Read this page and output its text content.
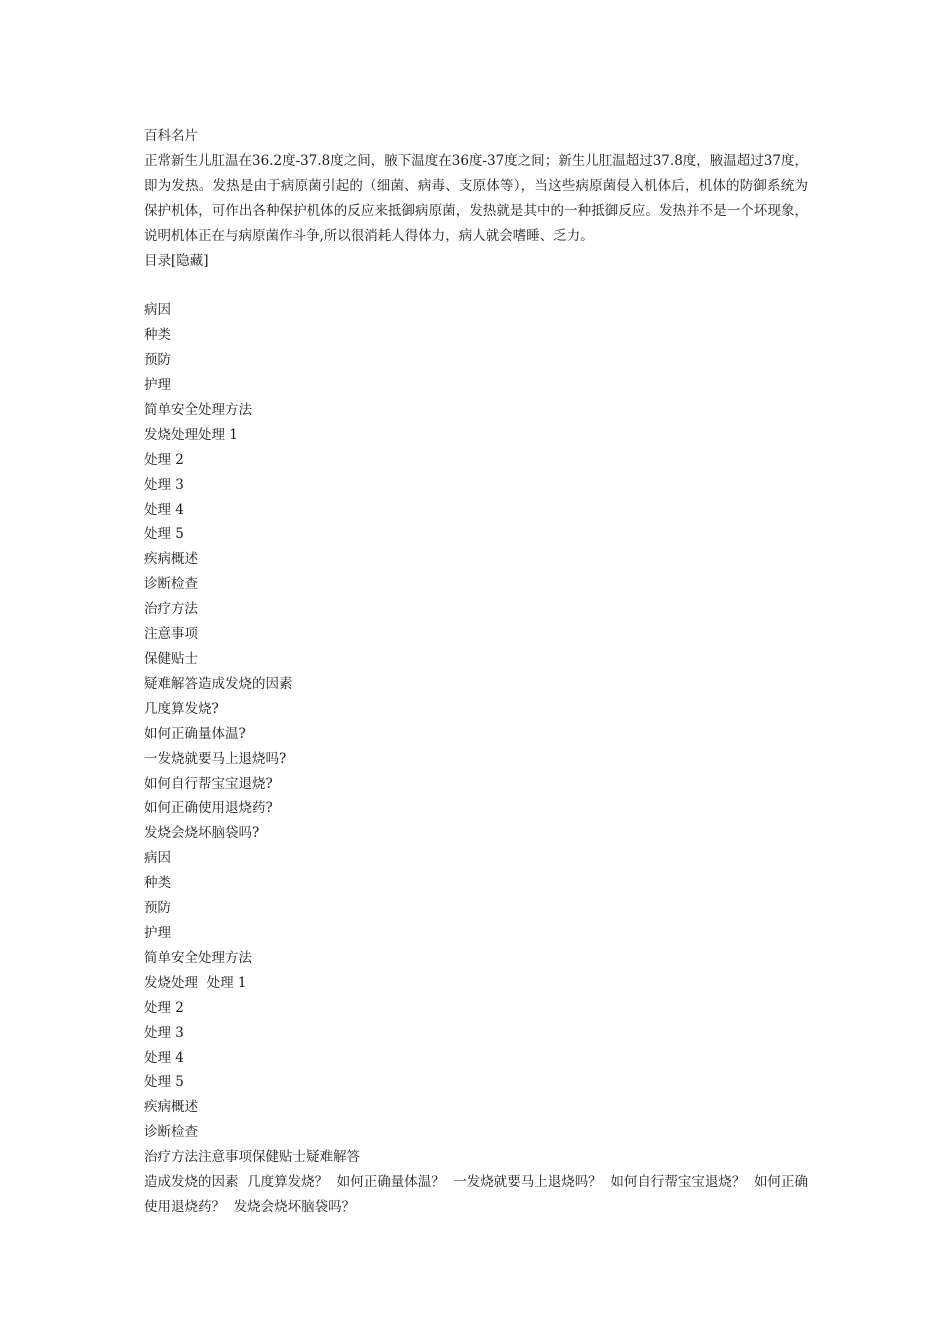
百科名片
正常新生儿肛温在36.2度-37.8度之间，腋下温度在36度-37度之间；新生儿肛温超过37.8度，腋温超过37度，即为发热。发热是由于病原菌引起的（细菌、病毒、支原体等），当这些病原菌侵入机体后，机体的防御系统为保护机体，可作出各种保护机体的反应来抵御病原菌，发热就是其中的一种抵御反应。发热并不是一个坏现象，说明机体正在与病原菌作斗争,所以很消耗人得体力，病人就会嗜睡、乏力。
目录[隐藏]
病因
种类
预防
护理
简单安全处理方法
发烧处理处理 1
处理 2
处理 3
处理 4
处理 5
疾病概述
诊断检查
治疗方法
注意事项
保健贴士
疑难解答造成发烧的因素
几度算发烧?
如何正确量体温?
一发烧就要马上退烧吗?
如何自行帮宝宝退烧?
如何正确使用退烧药?
发烧会烧坏脑袋吗?
病因
种类
预防
护理
简单安全处理方法
发烧处理  处理 1
处理 2
处理 3
处理 4
处理 5
疾病概述
诊断检查
治疗方法注意事项保健贴士疑难解答
造成发烧的因素  几度算发烧？  如何正确量体温？  一发烧就要马上退烧吗？  如何自行帮宝宝退烧？  如何正确使用退烧药？  发烧会烧坏脑袋吗？
